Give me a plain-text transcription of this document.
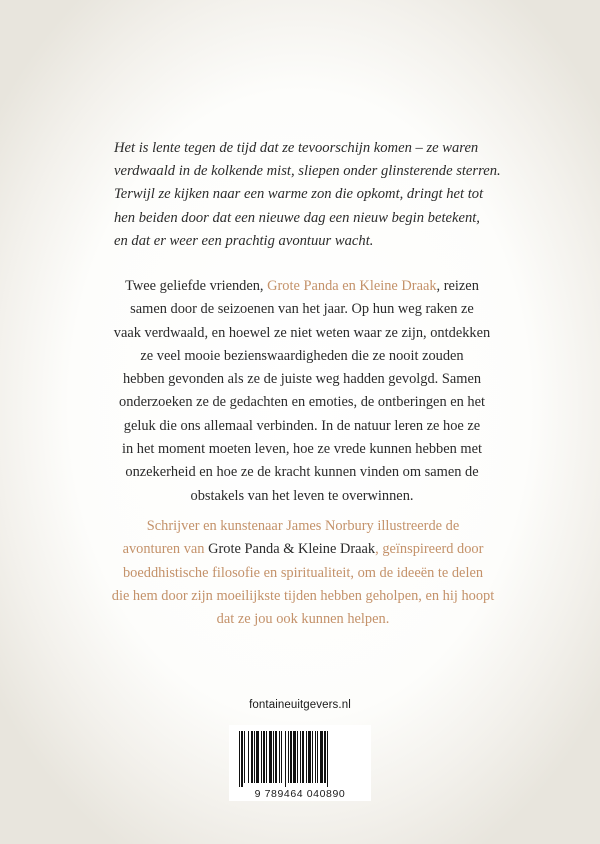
Het is lente tegen de tijd dat ze tevoorschijn komen – ze waren
verdwaald in de kolkende mist, sliepen onder glinsterende sterren.
Terwijl ze kijken naar een warme zon die opkomt, dringt het tot
hen beiden door dat een nieuwe dag een nieuw begin betekent,
en dat er weer een prachtig avontuur wacht.
Twee geliefde vrienden, Grote Panda en Kleine Draak, reizen
samen door de seizoenen van het jaar. Op hun weg raken ze
vaak verdwaald, en hoewel ze niet weten waar ze zijn, ontdekken
ze veel mooie bezienswaardigheden die ze nooit zouden
hebben gevonden als ze de juiste weg hadden gevolgd. Samen
onderzoeken ze de gedachten en emoties, de ontberingen en het
geluk die ons allemaal verbinden. In de natuur leren ze hoe ze
in het moment moeten leven, hoe ze vrede kunnen hebben met
onzekerheid en hoe ze de kracht kunnen vinden om samen de
obstakels van het leven te overwinnen.
Schrijver en kunstenaar James Norbury illustreerde de
avonturen van Grote Panda & Kleine Draak, geïnspireerd door
boeddhistische filosofie en spiritualiteit, om de ideeën te delen
die hem door zijn moeilijkste tijden hebben geholpen, en hij hoopt
dat ze jou ook kunnen helpen.
fontaineuitgevers.nl
9 789464 040890
